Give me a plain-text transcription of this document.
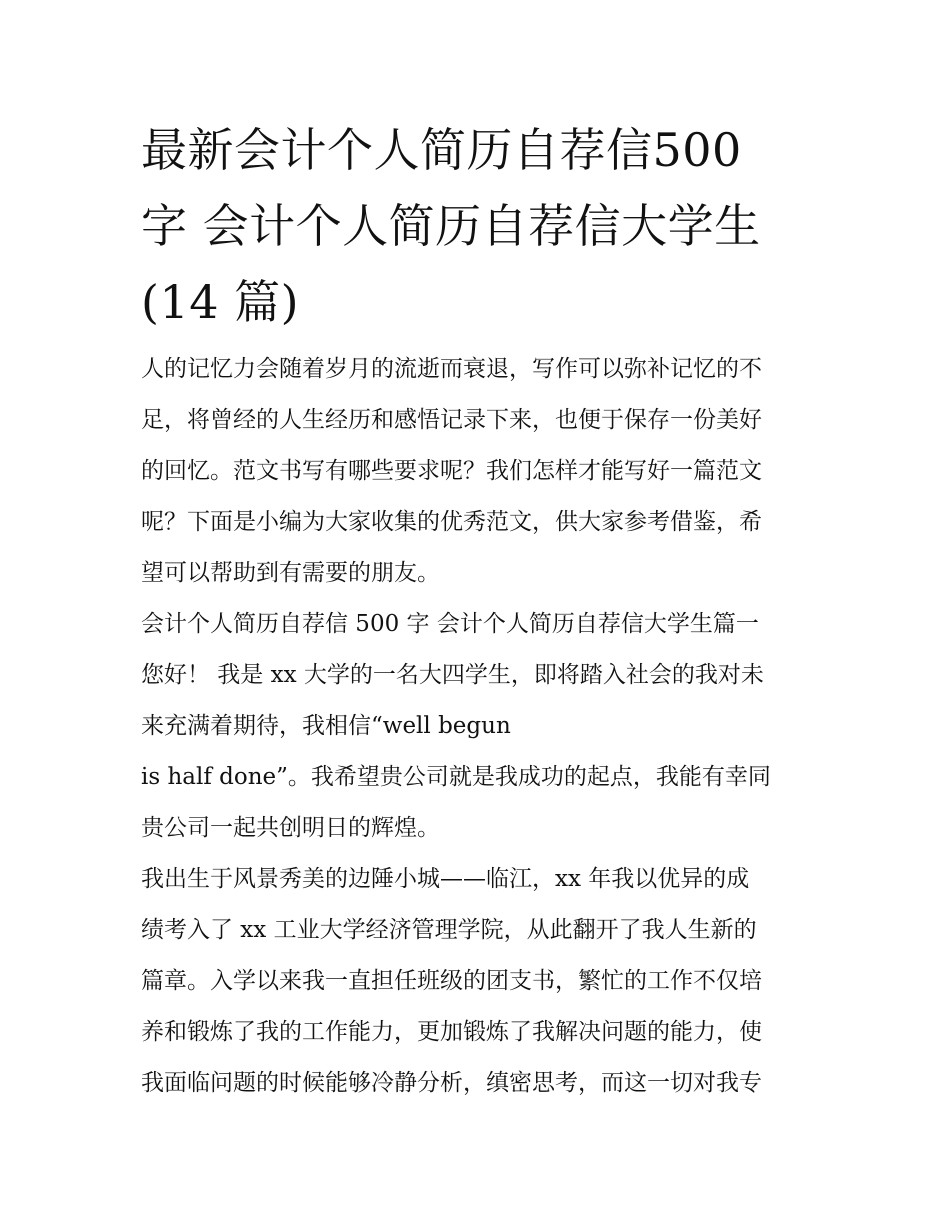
最新会计个人简历自荐信500
字 会计个人简历自荐信大学生
(14 篇)

人的记忆力会随着岁月的流逝而衰退，写作可以弥补记忆的不
足，将曾经的人生经历和感悟记录下来，也便于保存一份美好
的回忆。范文书写有哪些要求呢？我们怎样才能写好一篇范文
呢？下面是小编为大家收集的优秀范文，供大家参考借鉴，希
望可以帮助到有需要的朋友。

会计个人简历自荐信 500 字 会计个人简历自荐信大学生篇一

您好！ 我是 xx 大学的一名大四学生，即将踏入社会的我对未
来充满着期待，我相信“well begun

is half done”。我希望贵公司就是我成功的起点，我能有幸同
贵公司一起共创明日的辉煌。

我出生于风景秀美的边陲小城——临江，xx 年我以优异的成
绩考入了 xx 工业大学经济管理学院，从此翻开了我人生新的
篇章。入学以来我一直担任班级的团支书，繁忙的工作不仅培
养和锻炼了我的工作能力，更加锻炼了我解决问题的能力，使
我面临问题的时候能够冷静分析，缜密思考，而这一切对我专
